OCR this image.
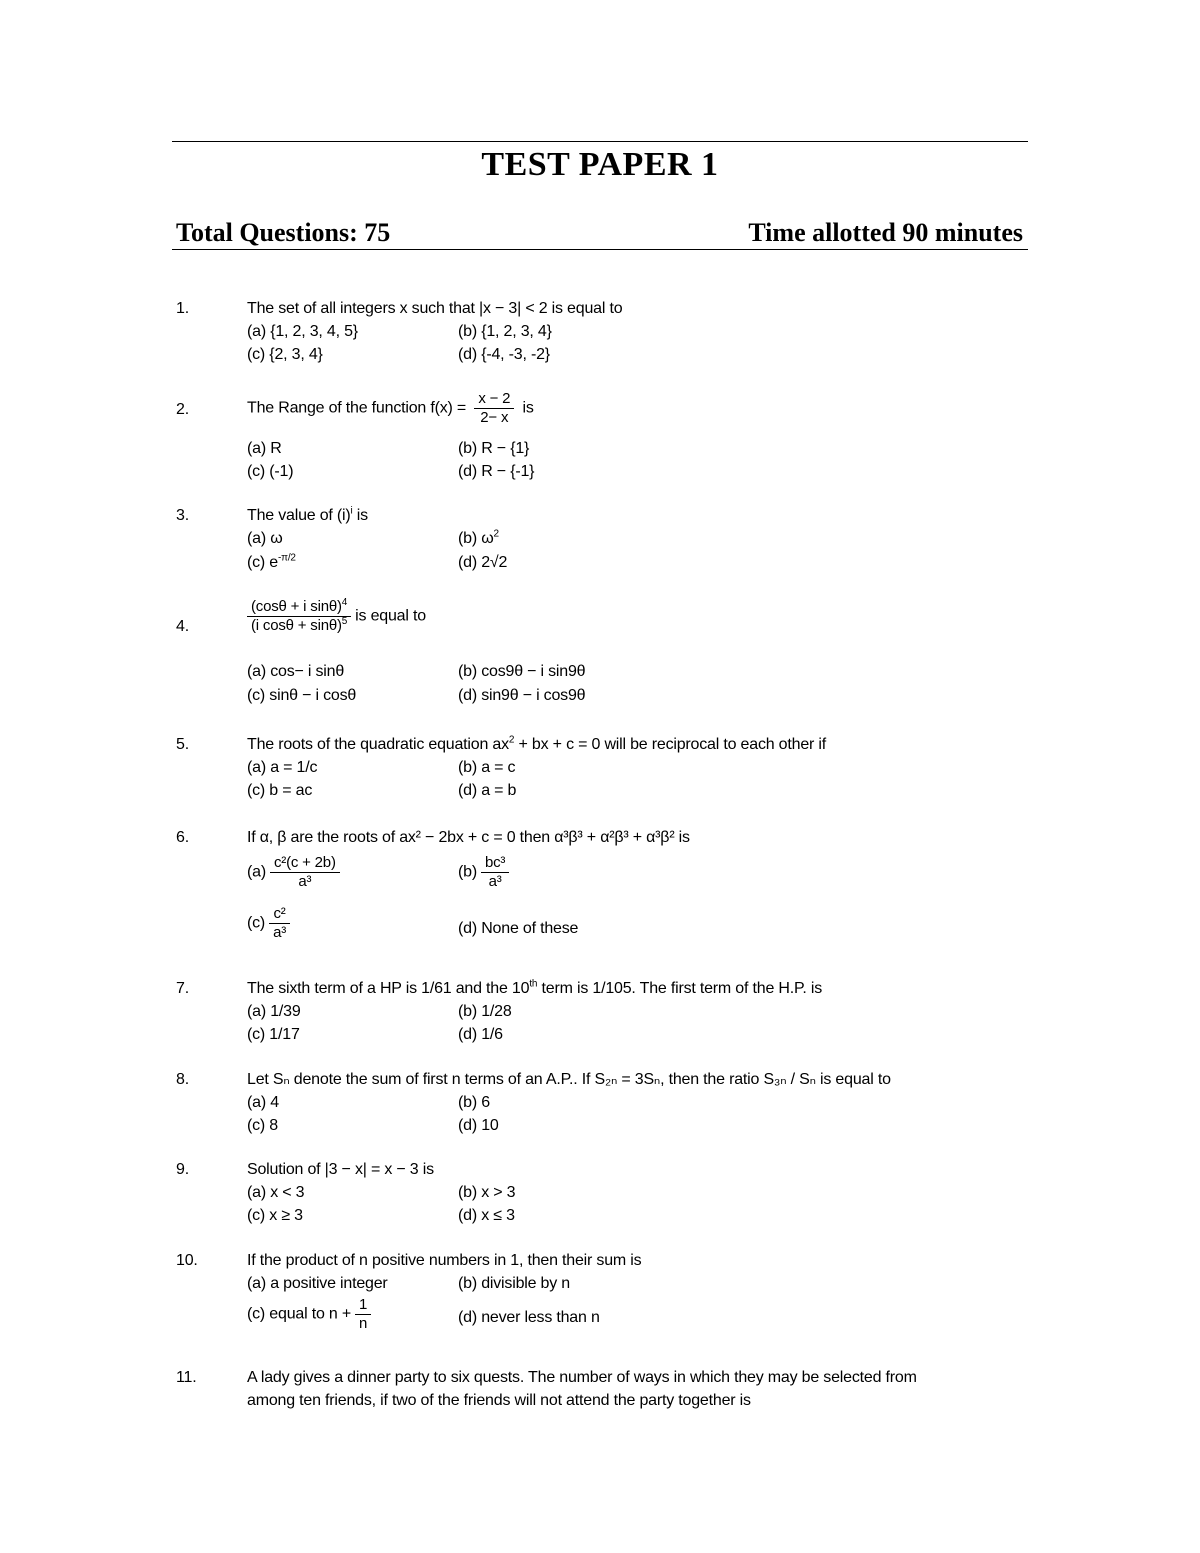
TEST PAPER 1
Total Questions: 75	Time allotted 90 minutes
1.	The set of all integers x such that |x − 3| < 2 is equal to
(a) {1, 2, 3, 4, 5}	(b) {1, 2, 3, 4}
(c) {2, 3, 4}	(d) {-4, -3, -2}
2.	The Range of the function $f(x) = \frac{x - 2}{2- x}$ is
(a) R	(b) R − {1}
(c) (-1)	(d) R − {-1}
3.	The value of $(i)^i$ is
(a) ω	(b) $\omega^2$
(c) $e^{-\pi/2}$	(d) 2√2
4.	$\frac{(\cos\theta + i \sin\theta)^4}{(i \cos\theta + \sin\theta)^5}$ is equal to
(a) cos− i sinθ	(b) cos9θ − i sin9θ
(c) sinθ − i cosθ	(d) sin9θ − i cos9θ
5.	The roots of the quadratic equation $ax^2$ + bx + c = 0 will be reciprocal to each other if
(a) a = 1/c	(b) a = c
(c) b = ac	(d) a = b
6.	If α, β are the roots of ax² − 2bx + c = 0 then α³β³ + α²β³ + α³β² is
$(a) \frac{\text{c²(c + 2b)}}{\text{a³}}$	$(b) \frac{\text{bc³}}{\text{a³}}$
$(c) \frac{\text{c²}}{\text{a³}}$	(d) None of these
7.	The sixth term of a HP is 1/61 and the 10th term is 1/105. The first term of the H.P. is
(a) 1/39	(b) 1/28
(c) 1/17	(d) 1/6
8.	Let Sₙ denote the sum of first n terms of an A.P.. If S₂ₙ = 3Sₙ, then the ratio S₃ₙ / Sₙ is equal to
(a) 4	(b) 6
(c) 8	(d) 10
9.	Solution of |3 − x| = x − 3 is
(a) x < 3	(b) x > 3
(c) x ≥ 3	(d) x ≤ 3
10.	If the product of n positive numbers in 1, then their sum is
(a) a positive integer	(b) divisible by n
(c) equal to $n + \frac{1}{n}$	(d) never less than n
11.	A lady gives a dinner party to six quests. The number of ways in which they may be selected from
among ten friends, if two of the friends will not attend the party together is
